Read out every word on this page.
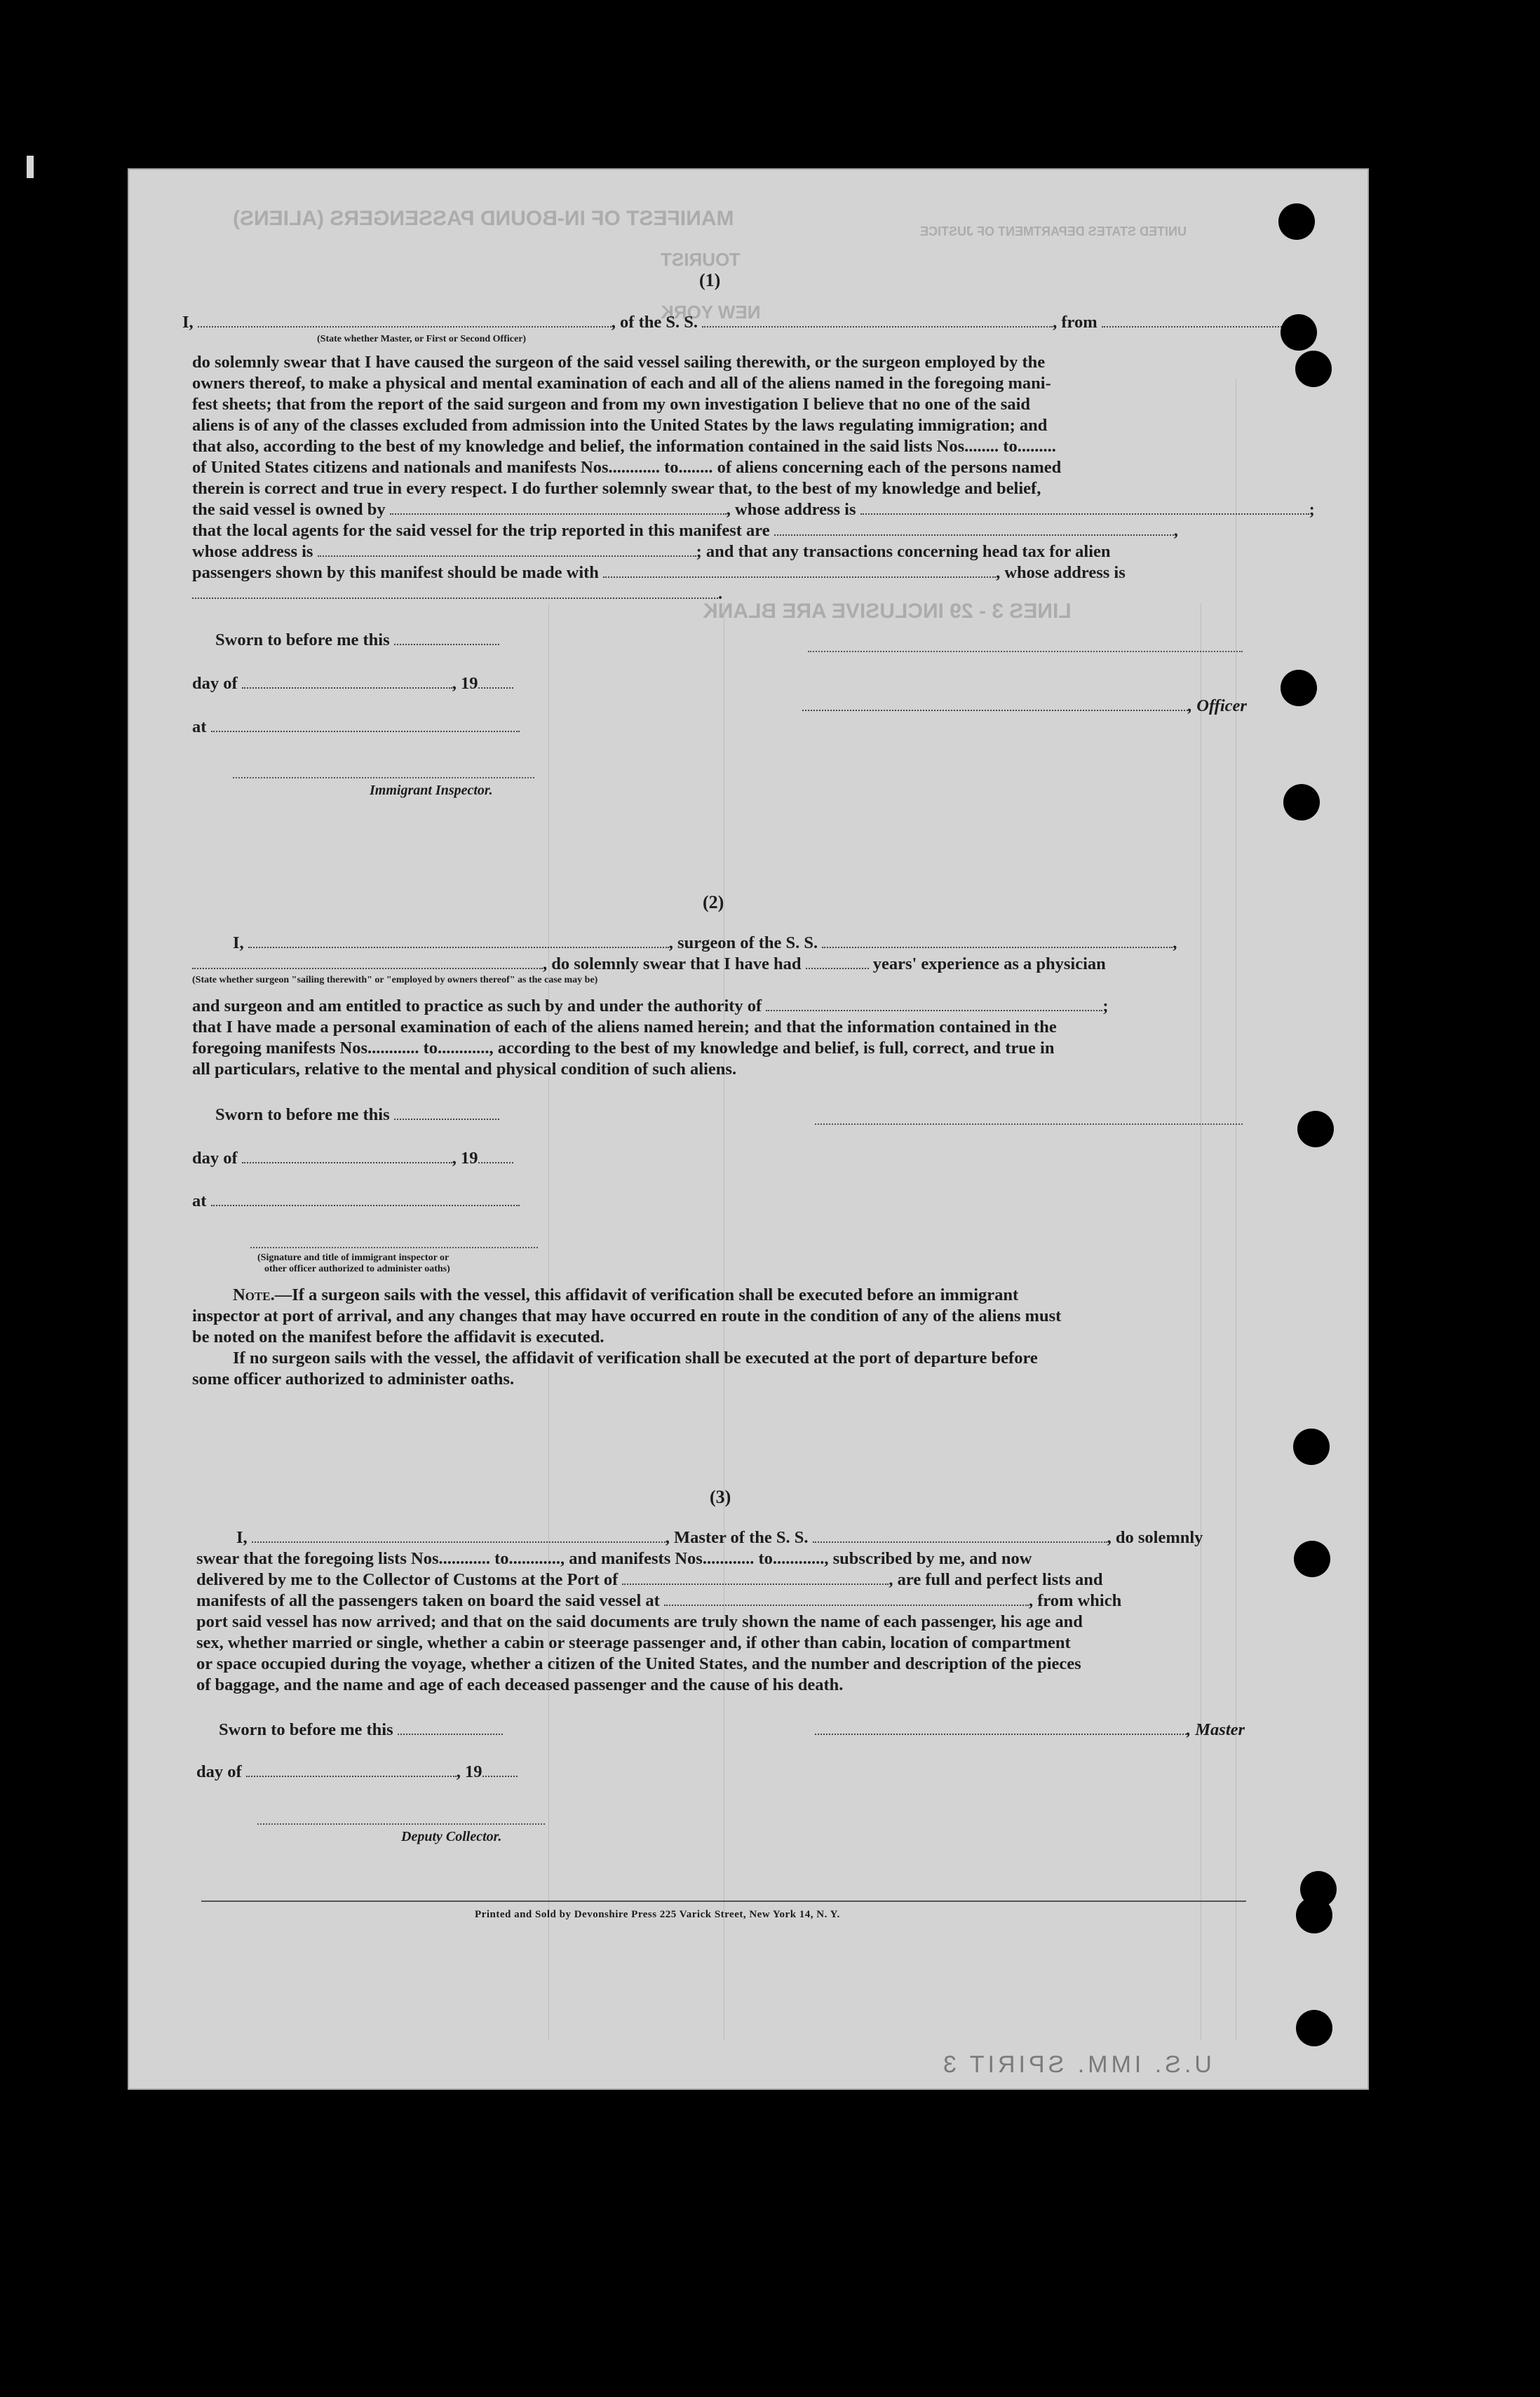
MANIFEST OF IN-BOUND PASSENGERS (ALIENS)
TOURIST
UNITED STATES DEPARTMENT OF JUSTICE
NEW YORK
LINES 3 - 29 INCLUSIVE ARE BLANK
(1)
I,	, of the S. S.	, from
(State whether Master, or First or Second Officer)
do solemnly swear that I have caused the surgeon of the said vessel sailing therewith, or the surgeon employed by the
owners thereof, to make a physical and mental examination of each and all of the aliens named in the foregoing mani-
fest sheets; that from the report of the said surgeon and from my own investigation I believe that no one of the said
aliens is of any of the classes excluded from admission into the United States by the laws regulating immigration; and
that also, according to the best of my knowledge and belief, the information contained in the said lists Nos........ to.........
of United States citizens and nationals and manifests Nos............ to........ of aliens concerning each of the persons named
therein is correct and true in every respect. I do further solemnly swear that, to the best of my knowledge and belief,
the said vessel is owned by	, whose address is	;
that the local agents for the said vessel for the trip reported in this manifest are	,
whose address is	; and that any transactions concerning head tax for alien
passengers shown by this manifest should be made with	, whose address is
.
Sworn to before me this
day of	, 19
, Officer
at
Immigrant Inspector.
(2)
I,	, surgeon of the S. S.	,
, do solemnly swear that I have had	years' experience as a physician
(State whether surgeon "sailing therewith" or "employed by owners thereof" as the case may be)
and surgeon and am entitled to practice as such by and under the authority of	;
that I have made a personal examination of each of the aliens named herein; and that the information contained in the
foregoing manifests Nos............ to............, according to the best of my knowledge and belief, is full, correct, and true in
all particulars, relative to the mental and physical condition of such aliens.
Sworn to before me this
day of	, 19
at
(Signature and title of immigrant inspector or
other officer authorized to administer oaths)
Note.—If a surgeon sails with the vessel, this affidavit of verification shall be executed before an immigrant
inspector at port of arrival, and any changes that may have occurred en route in the condition of any of the aliens must
be noted on the manifest before the affidavit is executed.
If no surgeon sails with the vessel, the affidavit of verification shall be executed at the port of departure before
some officer authorized to administer oaths.
(3)
I,	, Master of the S. S.	, do solemnly
swear that the foregoing lists Nos............ to............, and manifests Nos............ to............, subscribed by me, and now
delivered by me to the Collector of Customs at the Port of	, are full and perfect lists and
manifests of all the passengers taken on board the said vessel at	, from which
port said vessel has now arrived; and that on the said documents are truly shown the name of each passenger, his age and
sex, whether married or single, whether a cabin or steerage passenger and, if other than cabin, location of compartment
or space occupied during the voyage, whether a citizen of the United States, and the number and description of the pieces
of baggage, and the name and age of each deceased passenger and the cause of his death.
Sworn to before me this	, Master
day of	, 19
Deputy Collector.
Printed and Sold by Devonshire Press 225 Varick Street, New York 14, N. Y.
U.S. IMM. SPIRIT 3
